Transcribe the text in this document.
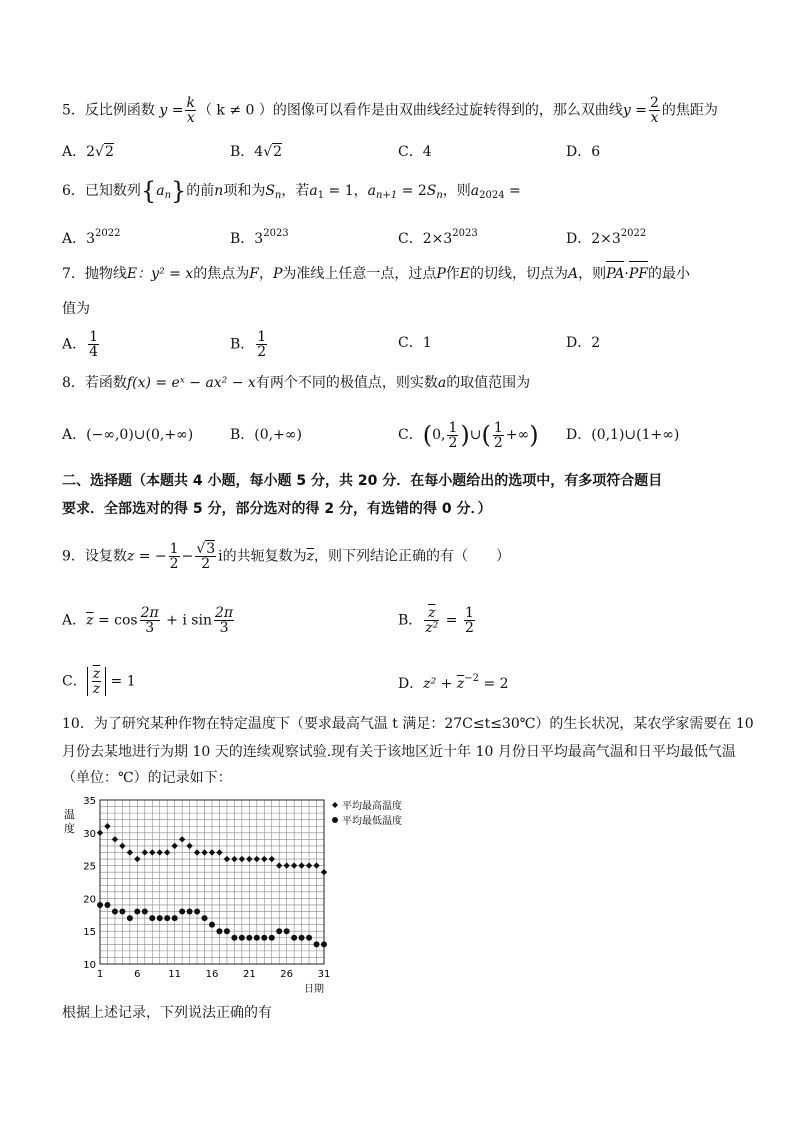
5．反比例函数 $y = \frac{k}{x}$ （ k ≠ 0 ）的图像可以看作是由双曲线经过旋转得到的，那么双曲线$y = \frac{2}{x}$ 的焦距为
A．2√2	B．4√2	C．4	D．6
6．已知数列$\{a_n\}$的前n项和为$S_n$，若$a_1 = 1$，$a_{n+1} = 2S_n$，则$a_{2024}$ =
A．$3^{2022}$	B．$3^{2023}$	C．$2\times 3^{2023}$	D．$2\times 3^{2022}$
7．抛物线E：y² = x的焦点为F，P为准线上任意一点，过点P作E的切线，切点为A，则PA·PF的最小
值为
A． $\frac{1}{4}$	B． $\frac{1}{2}$	C．1	D．2
8．若函数f(x) = eˣ − ax² − x有两个不同的极值点，则实数a的取值范围为
A．(−∞,0)∪(0,+∞)	B．(0,+∞)	C．(0, $\frac{1}{2}$ )∪( $\frac{1}{2}$ +∞) D．(0,1)∪(1+∞)
二、选择题（本题共 4 小题，每小题 5 分，共 20 分．在每小题给出的选项中，有多项符合题目
要求．全部选对的得 5 分，部分选对的得 2 分，有选错的得 0 分．）
9．设复数z = − $\frac{1}{2} - \frac{√3}{2}$ i的共轭复数为$\overline{z}$，则下列结论正确的有（　　）
A．$\overline{z} = \cos \frac{2\pi}{3} + i$ $\sin \frac{2\pi}{3}$	B． $\frac{\overline{z}}{\text{z²}} = \frac{1}{2}$
C． $\frac{\overline{z}}{z} = 1$	D．$z^2 + \overline{z}^{-2} = 2$
10．为了研究某种作物在特定温度下（要求最高气温 t 满足：27C≤t≤30℃）的生长状况，某农学家需要在 10
月份去某地进行为期 10 天的连续观察试验.现有关于该地区近十年 10 月份日平均最高气温和日平均最低气温
（单位：℃）的记录如下：
10
15
20
25
30
35
1	6	11 16 21 26 31
温
度
日期
平均最高温度
平均最低温度
根据上述记录，下列说法正确的有
